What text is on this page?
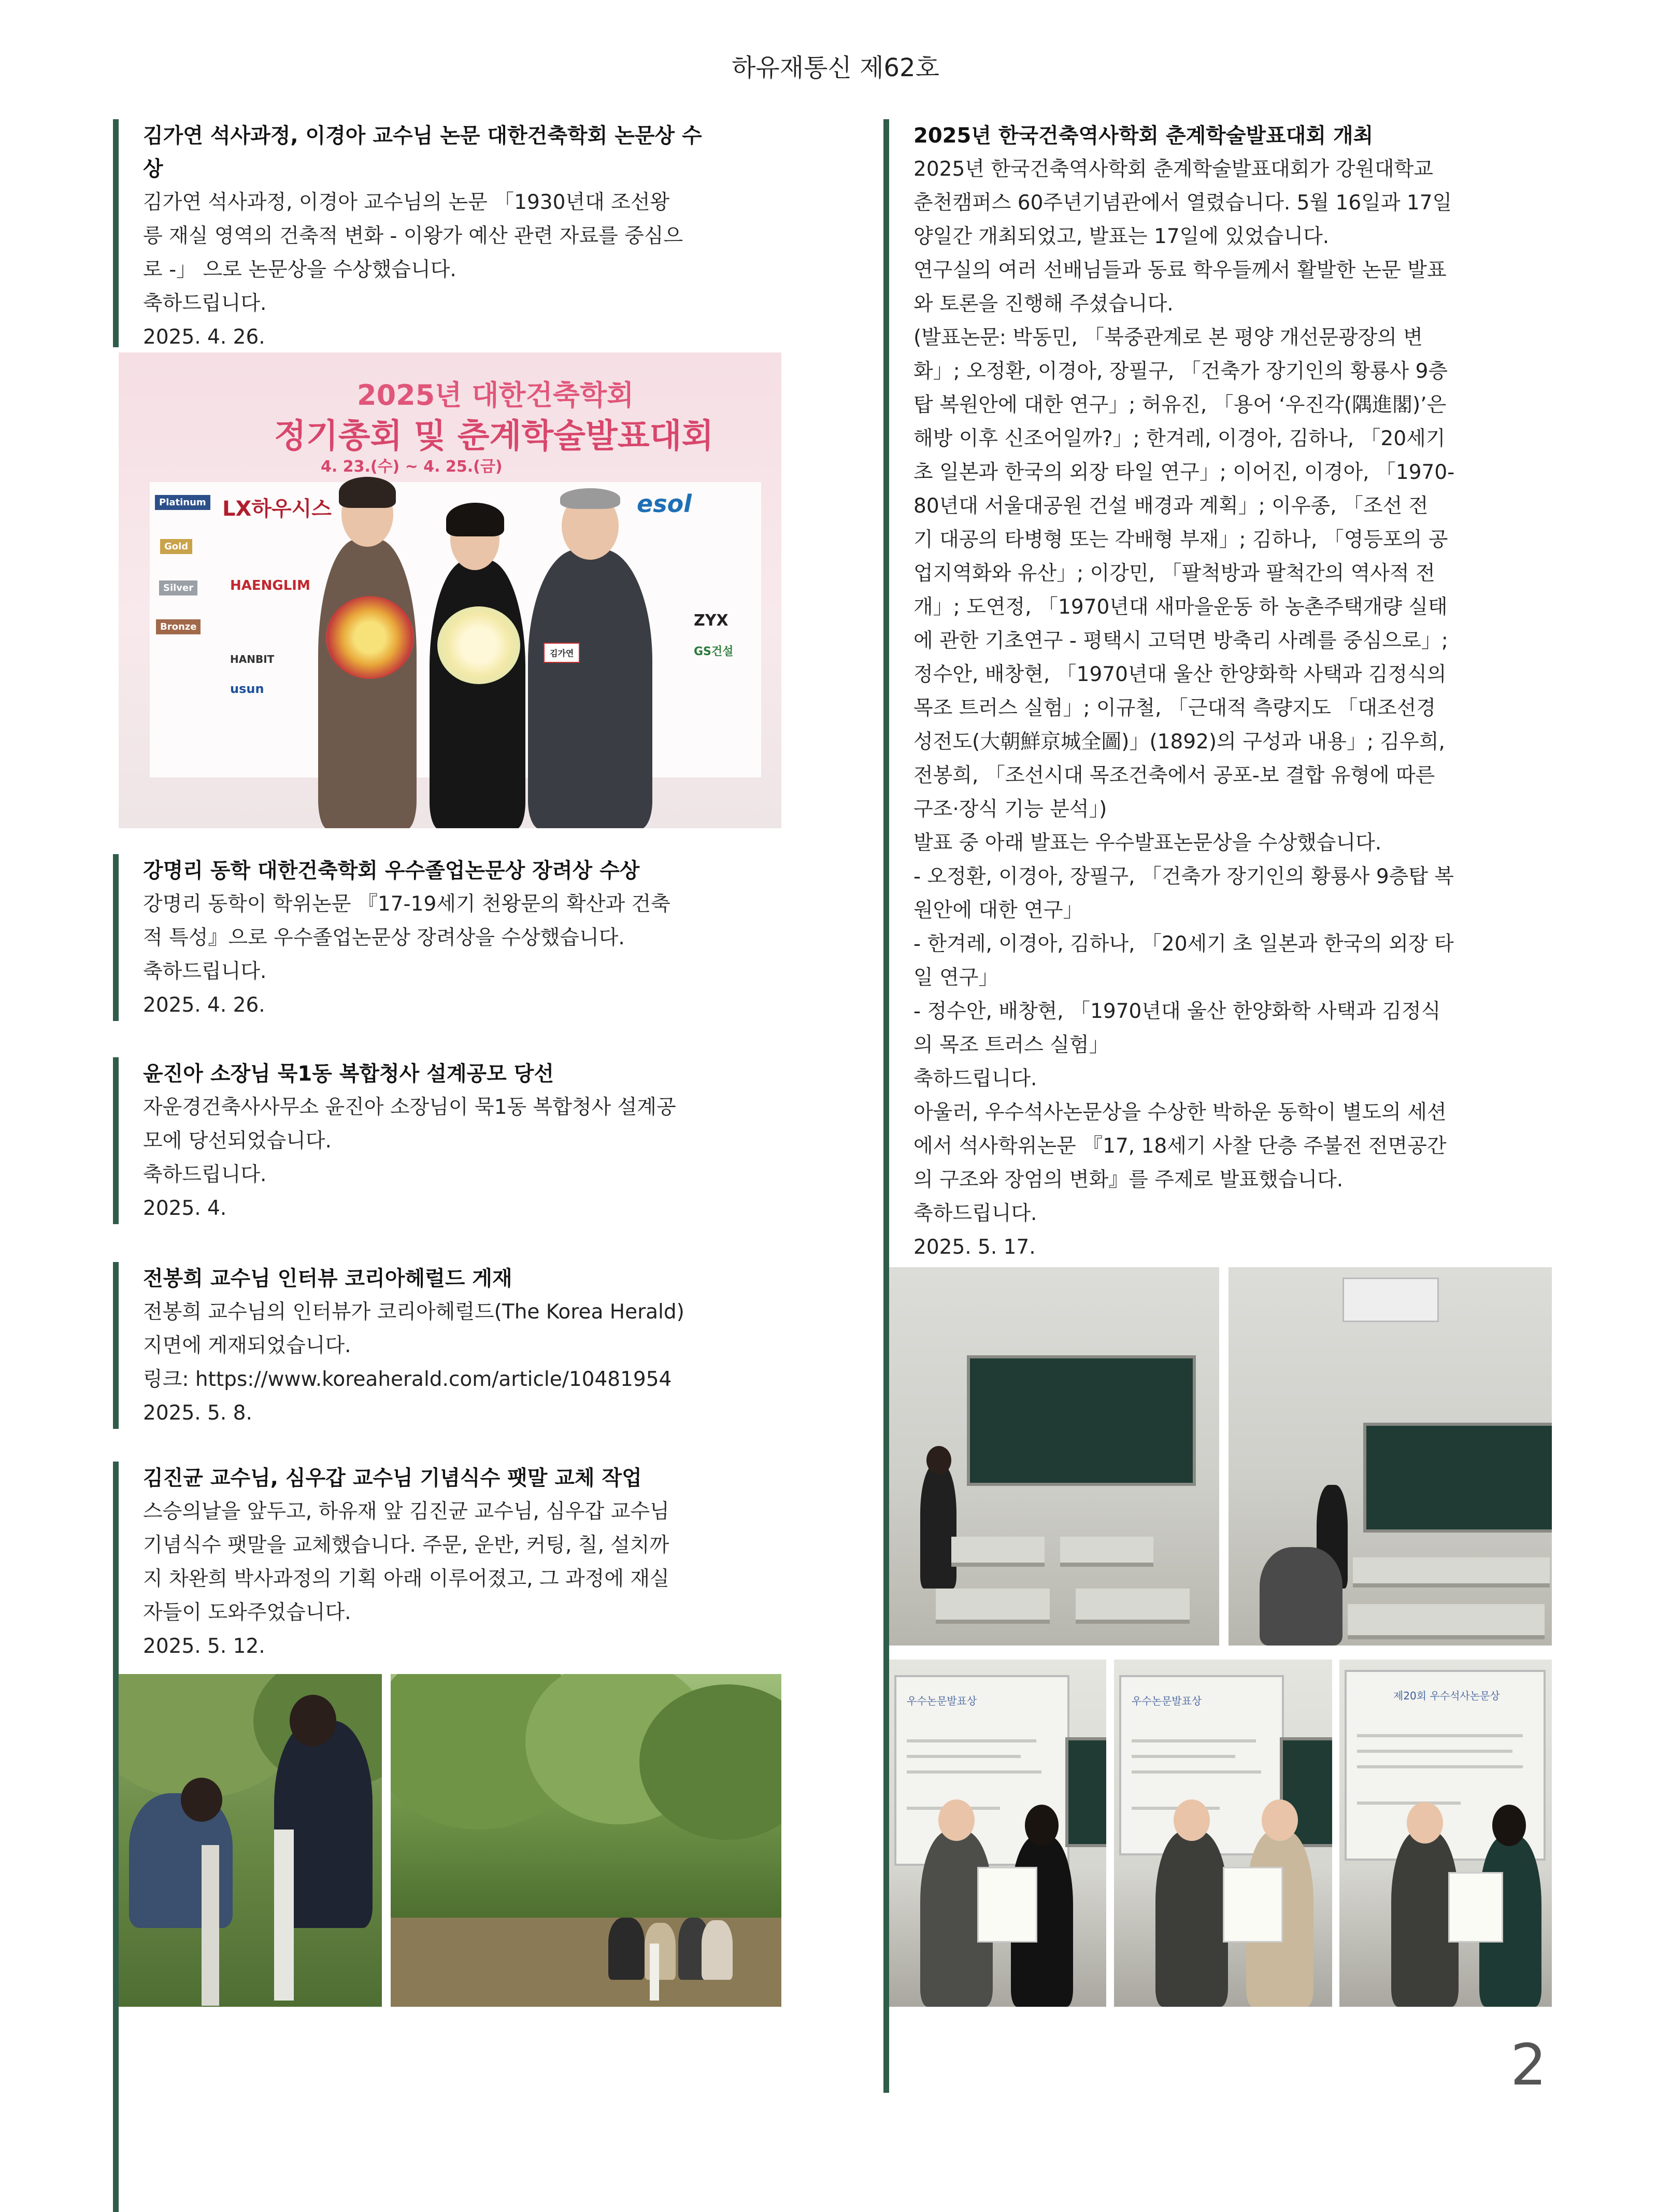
하유재통신 제62호
김가연 석사과정, 이경아 교수님 논문 대한건축학회 논문상 수
상

김가연 석사과정, 이경아 교수님의 논문 「1930년대 조선왕
릉 재실 영역의 건축적 변화 - 이왕가 예산 관련 자료를 중심으
로 -」 으로 논문상을 수상했습니다.
축하드립니다.
2025. 4. 26.

2025년 대한건축학회
정기총회 및 춘계학술발표대회
4. 23.(수) ~ 4. 25.(금)
Platinum
Gold
Silver
Bronze
LX하우시스	esol
HAENGLIM
HANBIT
usun
ZYX
GS건설
김가연
강명리 동학 대한건축학회 우수졸업논문상 장려상 수상

강명리 동학이 학위논문 『17-19세기 천왕문의 확산과 건축
적 특성』으로 우수졸업논문상 장려상을 수상했습니다.
축하드립니다.
2025. 4. 26.

윤진아 소장님 묵1동 복합청사 설계공모 당선

자운경건축사사무소 윤진아 소장님이 묵1동 복합청사 설계공
모에 당선되었습니다.
축하드립니다.
2025. 4.

전봉희 교수님 인터뷰 코리아헤럴드 게재

전봉희 교수님의 인터뷰가 코리아헤럴드(The Korea Herald)
지면에 게재되었습니다.
링크: https://www.koreaherald.com/article/10481954
2025. 5. 8.

김진균 교수님, 심우갑 교수님 기념식수 팻말 교체 작업

스승의날을 앞두고, 하유재 앞 김진균 교수님, 심우갑 교수님
기념식수 팻말을 교체했습니다. 주문, 운반, 커팅, 칠, 설치까
지 차완희 박사과정의 기획 아래 이루어졌고, 그 과정에 재실
자들이 도와주었습니다.
2025. 5. 12.

2025년 한국건축역사학회 춘계학술발표대회 개최

2025년 한국건축역사학회 춘계학술발표대회가 강원대학교
춘천캠퍼스 60주년기념관에서 열렸습니다. 5월 16일과 17일
양일간 개최되었고, 발표는 17일에 있었습니다.
연구실의 여러 선배님들과 동료 학우들께서 활발한 논문 발표
와 토론을 진행해 주셨습니다.
(발표논문: 박동민, 「북중관계로 본 평양 개선문광장의 변
화」; 오정환, 이경아, 장필구, 「건축가 장기인의 황룡사 9층
탑 복원안에 대한 연구」; 허유진, 「용어 ‘우진각(隅進閣)’은
해방 이후 신조어일까?」; 한겨레, 이경아, 김하나, 「20세기
초 일본과 한국의 외장 타일 연구」; 이어진, 이경아, 「1970-
80년대 서울대공원 건설 배경과 계획」; 이우종, 「조선 전
기 대공의 타병형 또는 각배형 부재」; 김하나, 「영등포의 공
업지역화와 유산」; 이강민, 「팔척방과 팔척간의 역사적 전
개」; 도연정, 「1970년대 새마을운동 하 농촌주택개량 실태
에 관한 기초연구 - 평택시 고덕면 방축리 사례를 중심으로」;
정수안, 배창현, 「1970년대 울산 한양화학 사택과 김정식의
목조 트러스 실험」; 이규철, 「근대적 측량지도 「대조선경
성전도(大朝鮮京城全圖)」(1892)의 구성과 내용」; 김우희,
전봉희, 「조선시대 목조건축에서 공포-보 결합 유형에 따른
구조·장식 기능 분석」)
발표 중 아래 발표는 우수발표논문상을 수상했습니다.
- 오정환, 이경아, 장필구, 「건축가 장기인의 황룡사 9층탑 복
원안에 대한 연구」
- 한겨레, 이경아, 김하나, 「20세기 초 일본과 한국의 외장 타
일 연구」
- 정수안, 배창현, 「1970년대 울산 한양화학 사택과 김정식
의 목조 트러스 실험」
축하드립니다.
아울러, 우수석사논문상을 수상한 박하운 동학이 별도의 세션
에서 석사학위논문 『17, 18세기 사찰 단층 주불전 전면공간
의 구조와 장엄의 변화』를 주제로 발표했습니다.
축하드립니다.
2025. 5. 17.

우수논문발표상	우수논문발표상	제20회 우수석사논문상
2
